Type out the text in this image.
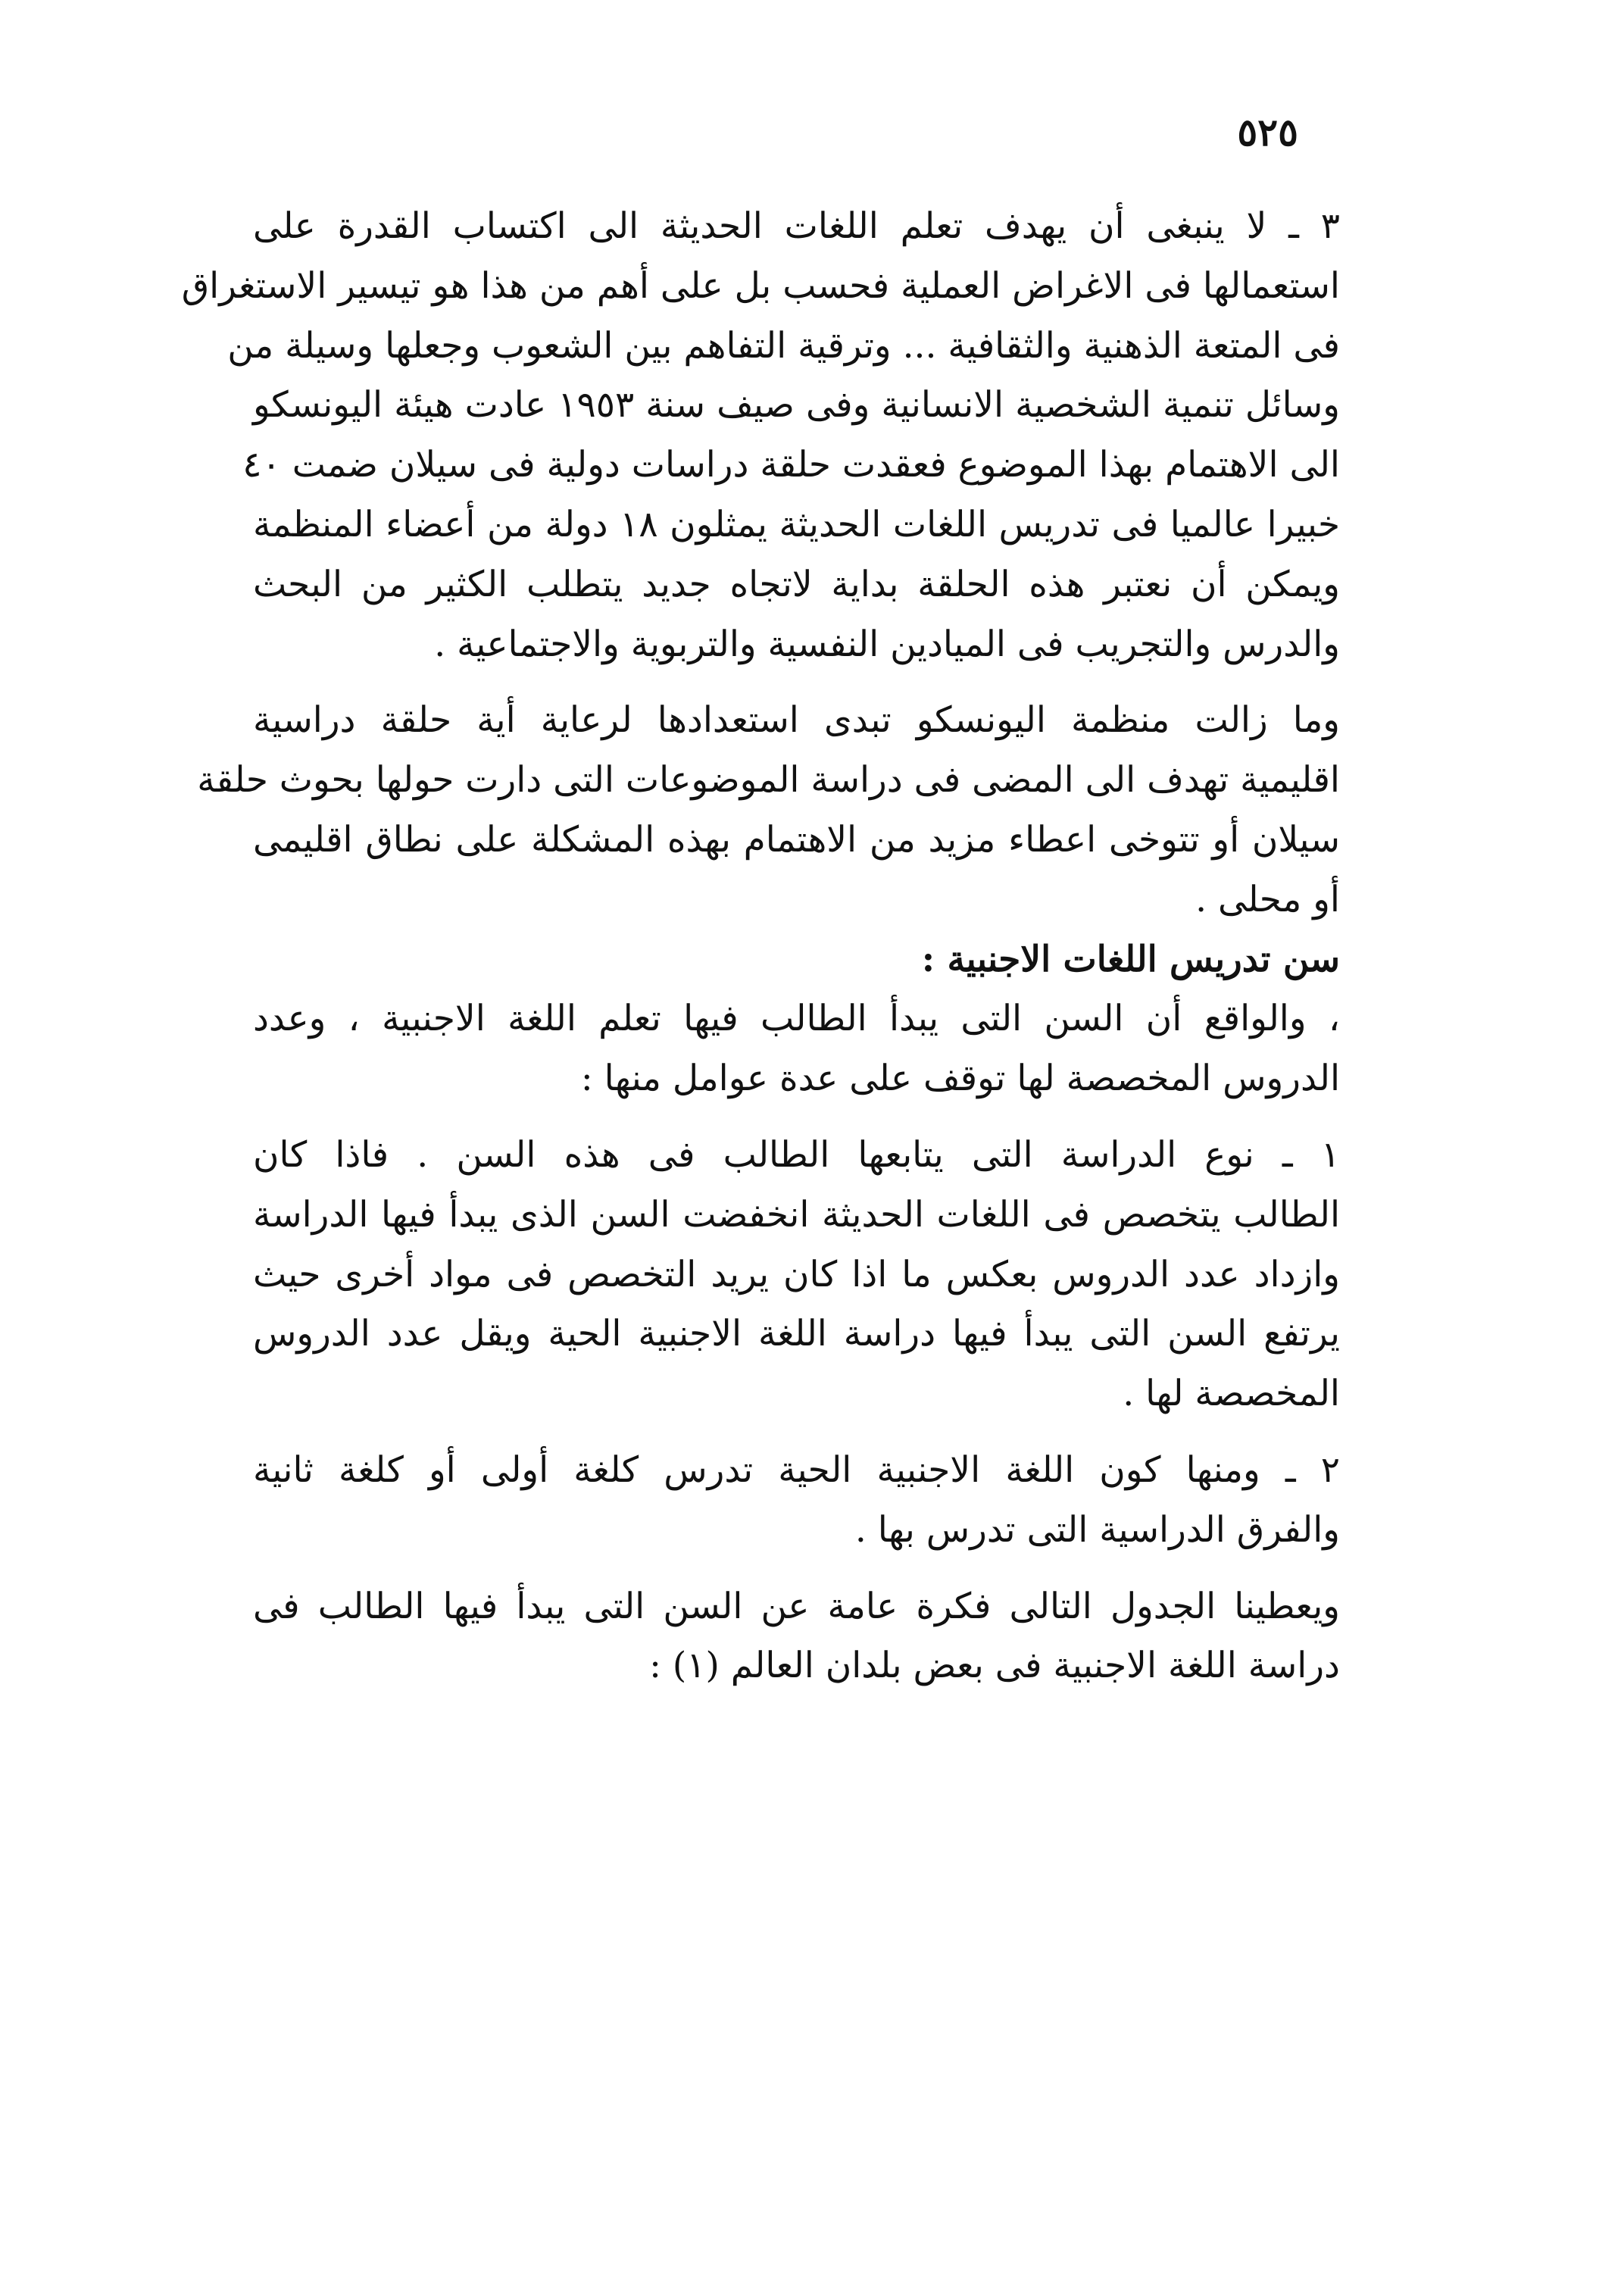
٥٢٥
٣ ـ لا ينبغى أن يهدف تعلم اللغات الحديثة الى اكتساب القدرة على
استعمالها فى الاغراض العملية فحسب بل على أهم من هذا هو تيسير الاستغراق
فى المتعة الذهنية والثقافية ... وترقية التفاهم بين الشعوب وجعلها وسيلة من
وسائل تنمية الشخصية الانسانية وفى صيف سنة ١٩٥٣ عادت هيئة اليونسكو
الى الاهتمام بهذا الموضوع فعقدت حلقة دراسات دولية فى سيلان ضمت ٤٠
خبيرا عالميا فى تدريس اللغات الحديثة يمثلون ١٨ دولة من أعضاء المنظمة
ويمكن أن نعتبر هذه الحلقة بداية لاتجاه جديد يتطلب الكثير من البحث
والدرس والتجريب فى الميادين النفسية والتربوية والاجتماعية .
وما زالت منظمة اليونسكو تبدى استعدادها لرعاية أية حلقة دراسية
اقليمية تهدف الى المضى فى دراسة الموضوعات التى دارت حولها بحوث حلقة
سيلان أو تتوخى اعطاء مزيد من الاهتمام بهذه المشكلة على نطاق اقليمى
أو محلى .
سن تدريس اللغات الاجنبية :
، والواقع أن السن التى يبدأ الطالب فيها تعلم اللغة الاجنبية ، وعدد
الدروس المخصصة لها توقف على عدة عوامل منها :
١ ـ نوع الدراسة التى يتابعها الطالب فى هذه السن . فاذا كان
الطالب يتخصص فى اللغات الحديثة انخفضت السن الذى يبدأ فيها الدراسة
وازداد عدد الدروس بعكس ما اذا كان يريد التخصص فى مواد أخرى حيث
يرتفع السن التى يبدأ فيها دراسة اللغة الاجنبية الحية ويقل عدد الدروس
المخصصة لها .
٢ ـ ومنها كون اللغة الاجنبية الحية تدرس كلغة أولى أو كلغة ثانية
والفرق الدراسية التى تدرس بها .
ويعطينا الجدول التالى فكرة عامة عن السن التى يبدأ فيها الطالب فى
دراسة اللغة الاجنبية فى بعض بلدان العالم (١) :
